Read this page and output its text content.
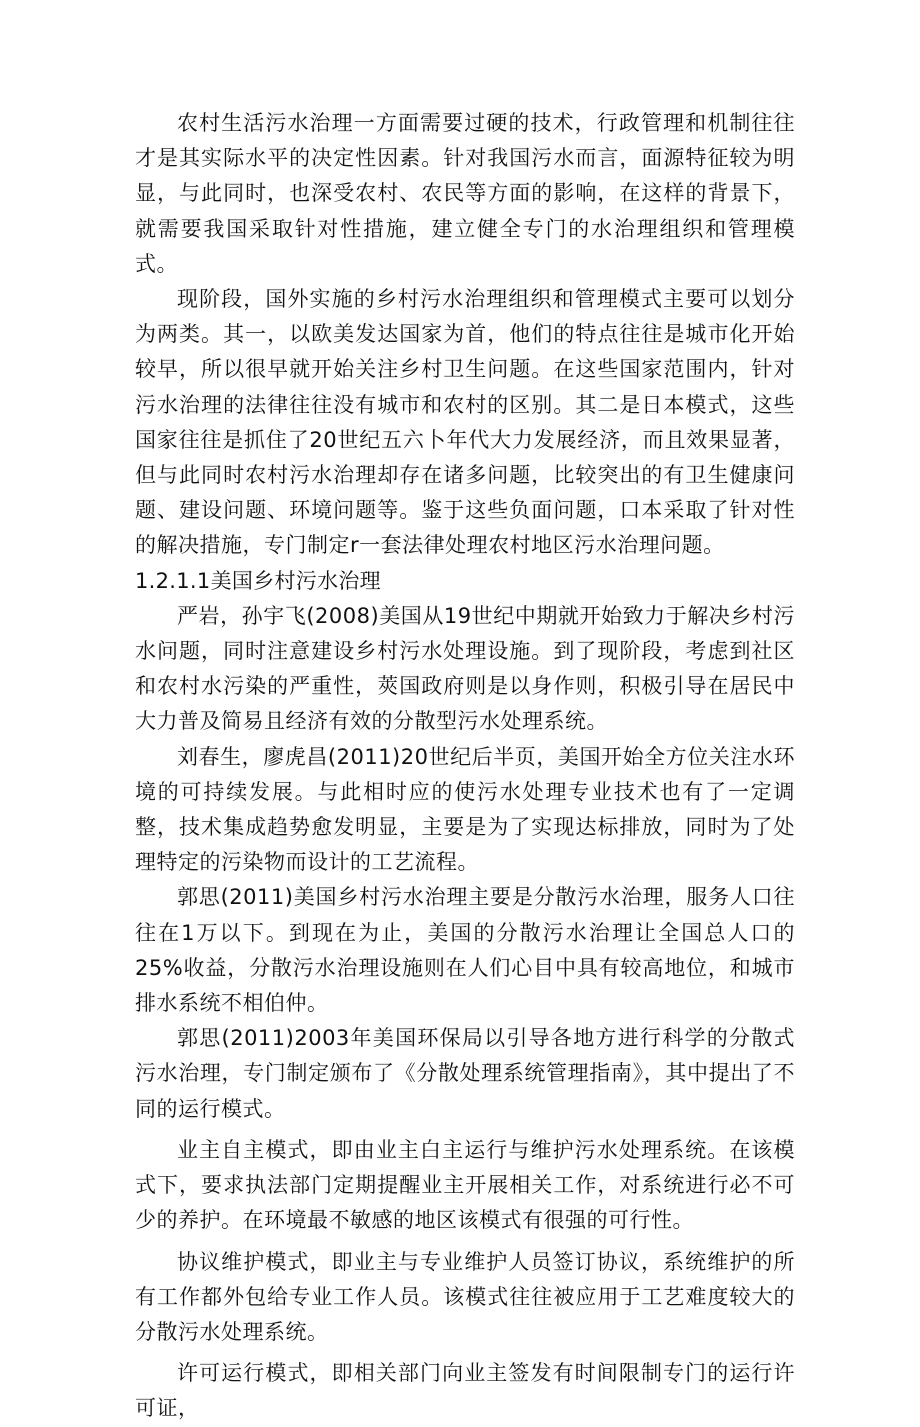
农村生活污水治理一方面需要过硬的技术，行政管理和机制往往才是其实际水平的决定性因素。针对我国污水而言，面源特征较为明显，与此同时，也深受农村、农民等方面的影响，在这样的背景下，就需要我国采取针对性措施，建立健全专门的水治理组织和管理模式。

现阶段，国外实施的乡村污水治理组织和管理模式主要可以划分为两类。其一，以欧美发达国家为首，他们的特点往往是城市化开始较早，所以很早就开始关注乡村卫生问题。在这些国家范围内，针对污水治理的法律往往没有城市和农村的区别。其二是日本模式，这些国家往往是抓住了20世纪五六卜年代大力发展经济，而且效果显著，但与此同时农村污水治理却存在诸多问题，比较突出的有卫生健康问题、建设问题、环境问题等。鉴于这些负面问题，口本采取了针对性的解决措施，专门制定r一套法律处理农村地区污水治理问题。

1.2.1.1美国乡村污水治理

严岩，孙宇飞(2008)美国从19世纪中期就开始致力于解决乡村污水问题，同时注意建设乡村污水处理设施。到了现阶段，考虑到社区和农村水污染的严重性，莢国政府则是以身作则，积极引导在居民中大力普及简易且经济有效的分散型污水处理系统。

刘春生，廖虎昌(2011)20世纪后半页，美国开始全方位关注水环境的可持续发展。与此相时应的使污水处理专业技术也有了一定调整，技术集成趋势愈发明显，主要是为了实现达标排放，同时为了处理特定的污染物而设计的工艺流程。

郭思(2011)美国乡村污水治理主要是分散污水治理，服务人口往往在1万以下。到现在为止，美国的分散污水治理让全国总人口的25%收益，分散污水治理设施则在人们心目中具有较高地位，和城市排水系统不相伯仲。

郭思(2011)2003年美国环保局以引导各地方进行科学的分散式污水治理，专门制定颁布了《分散处理系统管理指南》，其中提出了不同的运行模式。

业主自主模式，即由业主白主运行与维护污水处理系统。在该模式下，要求执法部门定期提醒业主开展相关工作，对系统进行必不可少的养护。在环境最不敏感的地区该模式有很强的可行性。

协议维护模式，即业主与专业维护人员签订协议，系统维护的所有工作都外包给专业工作人员。该模式往往被应用于工艺难度较大的分散污水处理系统。

许可运行模式，即相关部门向业主签发有时间限制专门的运行许可证，
